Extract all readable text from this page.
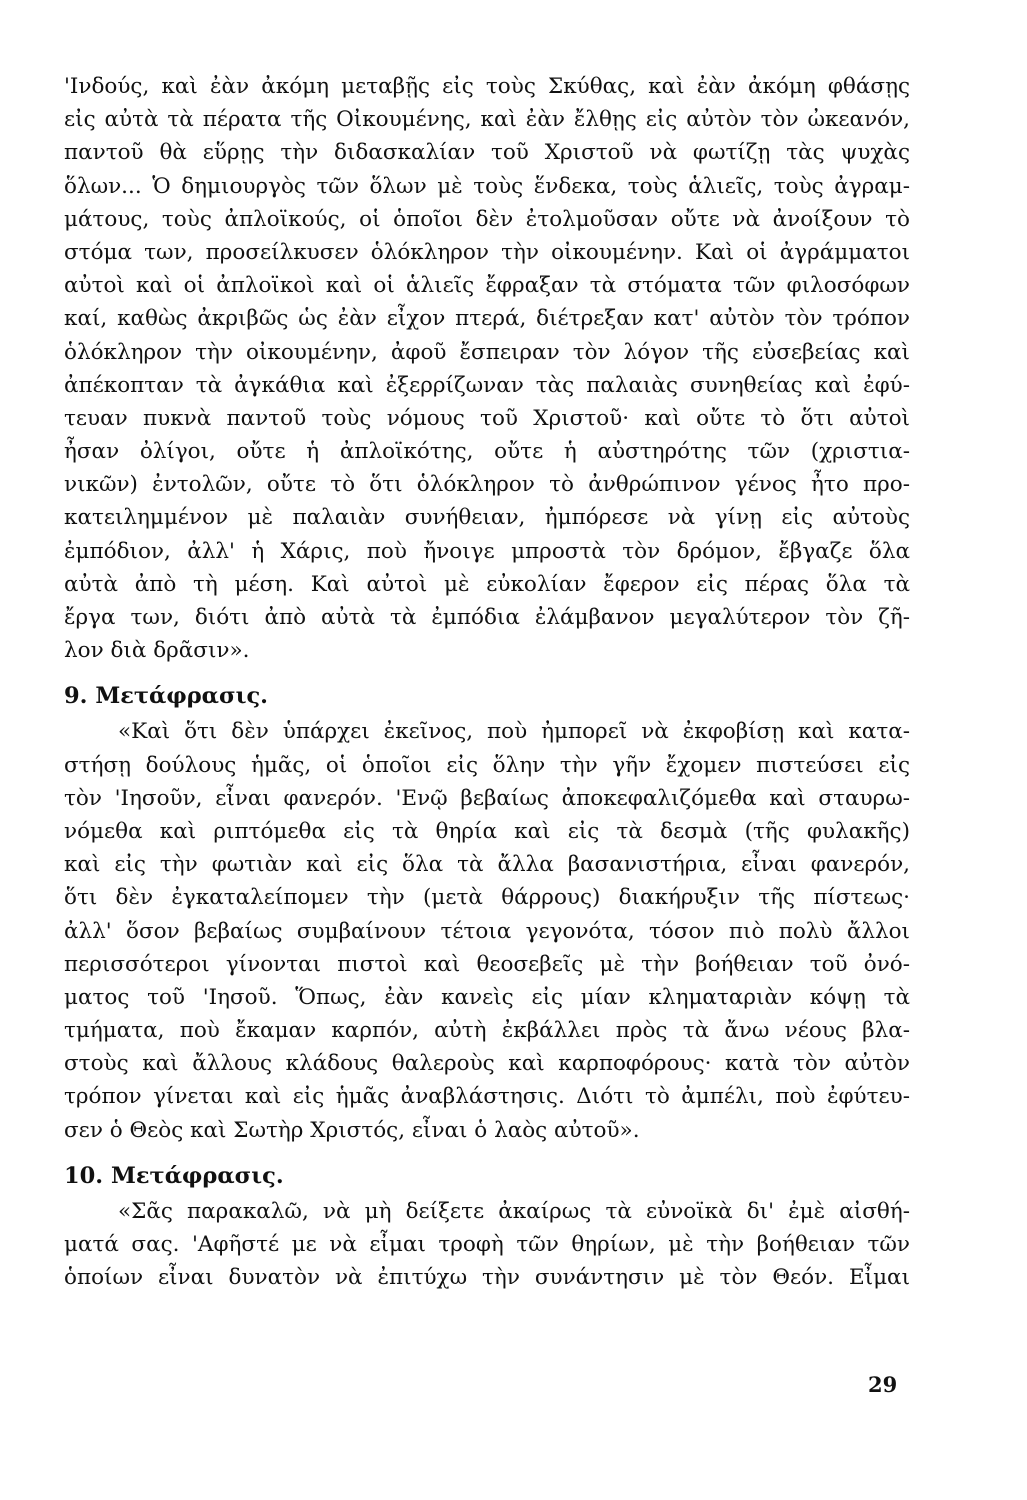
'Ινδούς, καὶ ἐὰν ἀκόμη μεταβῇς εἰς τοὺς Σκύθας, καὶ ἐὰν ἀκόμη φθάσῃς

εἰς αὐτὰ τὰ πέρατα τῆς Οἰκουμένης, καὶ ἐὰν ἔλθῃς εἰς αὐτὸν τὸν ὠκεανόν,

παντοῦ θὰ εὕρῃς τὴν διδασκαλίαν τοῦ Χριστοῦ νὰ φωτίζῃ τὰς ψυχὰς

ὅλων... Ὁ δημιουργὸς τῶν ὅλων μὲ τοὺς ἕνδεκα, τοὺς ἁλιεῖς, τοὺς ἀγραμ-

μάτους, τοὺς ἀπλοϊκούς, οἱ ὁποῖοι δὲν ἐτολμοῦσαν οὔτε νὰ ἀνοίξουν τὸ

στόμα των, προσείλκυσεν ὁλόκληρον τὴν οἰκουμένην. Καὶ οἱ ἀγράμματοι

αὐτοὶ καὶ οἱ ἀπλοϊκοὶ καὶ οἱ ἁλιεῖς ἔφραξαν τὰ στόματα τῶν φιλοσόφων

καί, καθὼς ἀκριβῶς ὡς ἐὰν εἶχον πτερά, διέτρεξαν κατ' αὐτὸν τὸν τρόπον

ὁλόκληρον τὴν οἰκουμένην, ἀφοῦ ἔσπειραν τὸν λόγον τῆς εὐσεβείας καὶ

ἀπέκοπταν τὰ ἀγκάθια καὶ ἐξερρίζωναν τὰς παλαιὰς συνηθείας καὶ ἐφύ-

τευαν πυκνὰ παντοῦ τοὺς νόμους τοῦ Χριστοῦ· καὶ οὔτε τὸ ὅτι αὐτοὶ

ἦσαν ὀλίγοι, οὔτε ἡ ἀπλοϊκότης, οὔτε ἡ αὐστηρότης τῶν (χριστια-

νικῶν) ἐντολῶν, οὔτε τὸ ὅτι ὁλόκληρον τὸ ἀνθρώπινον γένος ἦτο προ-

κατειλημμένον μὲ παλαιὰν συνήθειαν, ἠμπόρεσε νὰ γίνῃ εἰς αὐτοὺς

ἐμπόδιον, ἀλλ' ἡ Χάρις, ποὺ ἤνοιγε μπροστὰ τὸν δρόμον, ἔβγαζε ὅλα

αὐτὰ ἀπὸ τὴ μέση. Καὶ αὐτοὶ μὲ εὐκολίαν ἔφερον εἰς πέρας ὅλα τὰ

ἔργα των, διότι ἀπὸ αὐτὰ τὰ ἐμπόδια ἐλάμβανον μεγαλύτερον τὸν ζῆ-

λον διὰ δρᾶσιν».

9. Μετάφρασις.

«Καὶ ὅτι δὲν ὑπάρχει ἐκεῖνος, ποὺ ἠμπορεῖ νὰ ἐκφοβίσῃ καὶ κατα-

στήσῃ δούλους ἡμᾶς, οἱ ὁποῖοι εἰς ὅλην τὴν γῆν ἔχομεν πιστεύσει εἰς

τὸν 'Ιησοῦν, εἶναι φανερόν. 'Ενῷ βεβαίως ἀποκεφαλιζόμεθα καὶ σταυρω-

νόμεθα καὶ ριπτόμεθα εἰς τὰ θηρία καὶ εἰς τὰ δεσμὰ (τῆς φυλακῆς)

καὶ εἰς τὴν φωτιὰν καὶ εἰς ὅλα τὰ ἄλλα βασανιστήρια, εἶναι φανερόν,

ὅτι δὲν ἐγκαταλείπομεν τὴν (μετὰ θάρρους) διακήρυξιν τῆς πίστεως·

ἀλλ' ὅσον βεβαίως συμβαίνουν τέτοια γεγονότα, τόσον πιὸ πολὺ ἄλλοι

περισσότεροι γίνονται πιστοὶ καὶ θεοσεβεῖς μὲ τὴν βοήθειαν τοῦ ὀνό-

ματος τοῦ 'Ιησοῦ. Ὅπως, ἐὰν κανεὶς εἰς μίαν κληματαριὰν κόψῃ τὰ

τμήματα, ποὺ ἔκαμαν καρπόν, αὐτὴ ἐκβάλλει πρὸς τὰ ἄνω νέους βλα-

στοὺς καὶ ἄλλους κλάδους θαλεροὺς καὶ καρποφόρους· κατὰ τὸν αὐτὸν

τρόπον γίνεται καὶ εἰς ἡμᾶς ἀναβλάστησις. Διότι τὸ ἀμπέλι, ποὺ ἐφύτευ-

σεν ὁ Θεὸς καὶ Σωτὴρ Χριστός, εἶναι ὁ λαὸς αὐτοῦ».

10. Μετάφρασις.

«Σᾶς παρακαλῶ, νὰ μὴ δείξετε ἀκαίρως τὰ εὐνοϊκὰ δι' ἐμὲ αἰσθή-

ματά σας. 'Αφῆστέ με νὰ εἶμαι τροφὴ τῶν θηρίων, μὲ τὴν βοήθειαν τῶν

ὁποίων εἶναι δυνατὸν νὰ ἐπιτύχω τὴν συνάντησιν μὲ τὸν Θεόν. Εἶμαι

29
